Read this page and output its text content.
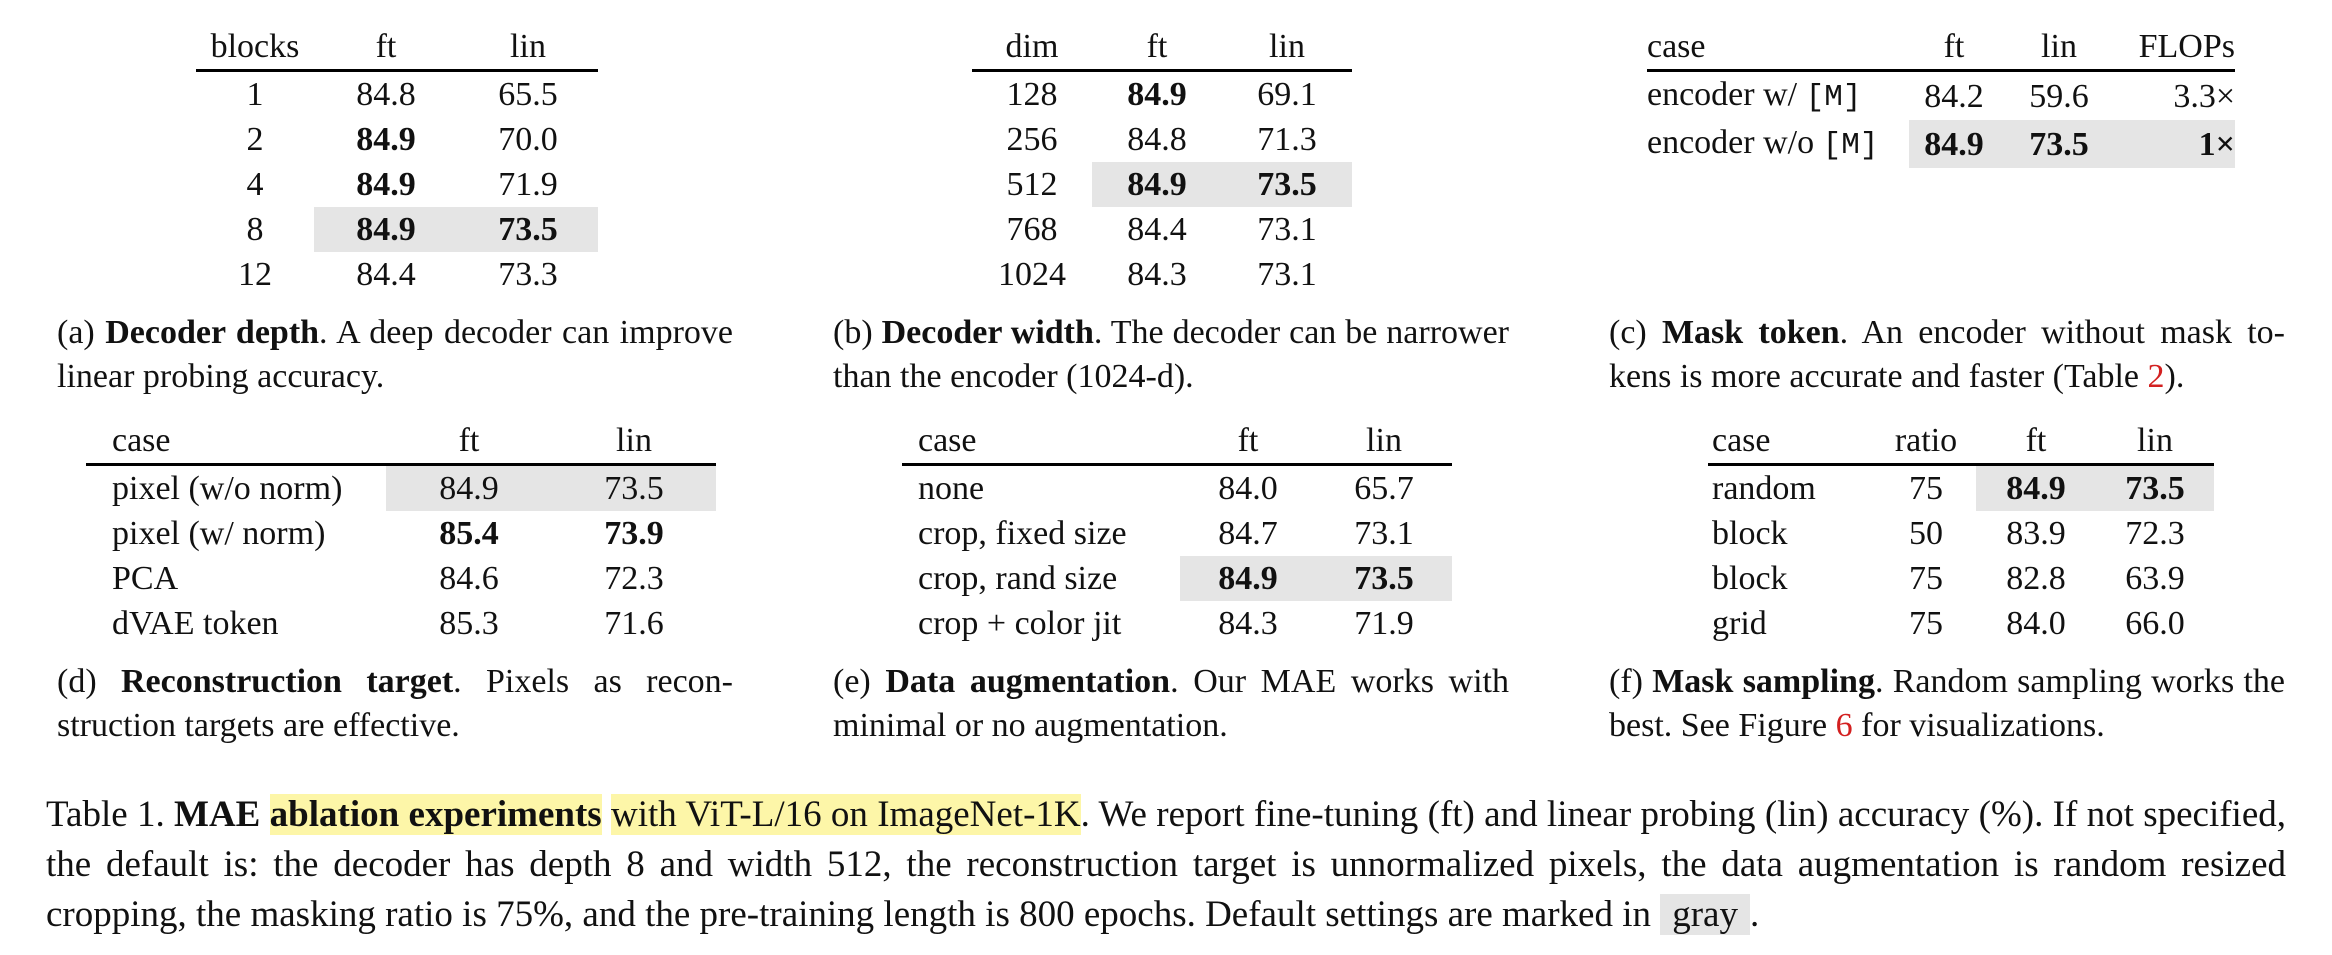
blocks	ft	lin
1	84.8	65.5
2	84.9	70.0
4	84.9	71.9
8	84.9	73.5
12	84.4	73.3
(a) Decoder depth. A deep decoder can improve linear probing accuracy.
dim	ft	lin
128	84.9	69.1
256	84.8	71.3
512	84.9	73.5
768	84.4	73.1
1024	84.3	73.1
(b) Decoder width. The decoder can be narrower than the encoder (1024-d).
case	ft	lin	FLOPs
encoder w/ [M]	84.2	59.6	3.3×
encoder w/o [M]	84.9	73.5	1×
(c) Mask token. An encoder without mask tokens is more accurate and faster (Table 2).
case	ft	lin
pixel (w/o norm)	84.9	73.5
pixel (w/ norm)	85.4	73.9
PCA	84.6	72.3
dVAE token	85.3	71.6
(d) Reconstruction target. Pixels as reconstruction targets are effective.
case	ft	lin
none	84.0	65.7
crop, fixed size	84.7	73.1
crop, rand size	84.9	73.5
crop + color jit	84.3	71.9
(e) Data augmentation. Our MAE works with minimal or no augmentation.
case	ratio	ft	lin
random	75	84.9	73.5
block	50	83.9	72.3
block	75	82.8	63.9
grid	75	84.0	66.0
(f) Mask sampling. Random sampling works the best. See Figure 6 for visualizations.
Table 1. MAE ablation experiments with ViT-L/16 on ImageNet-1K. We report fine-tuning (ft) and linear probing (lin) accuracy (%). If not specified, the default is: the decoder has depth 8 and width 512, the reconstruction target is unnormalized pixels, the data augmentation is random resized cropping, the masking ratio is 75%, and the pre-training length is 800 epochs. Default settings are marked in gray .
